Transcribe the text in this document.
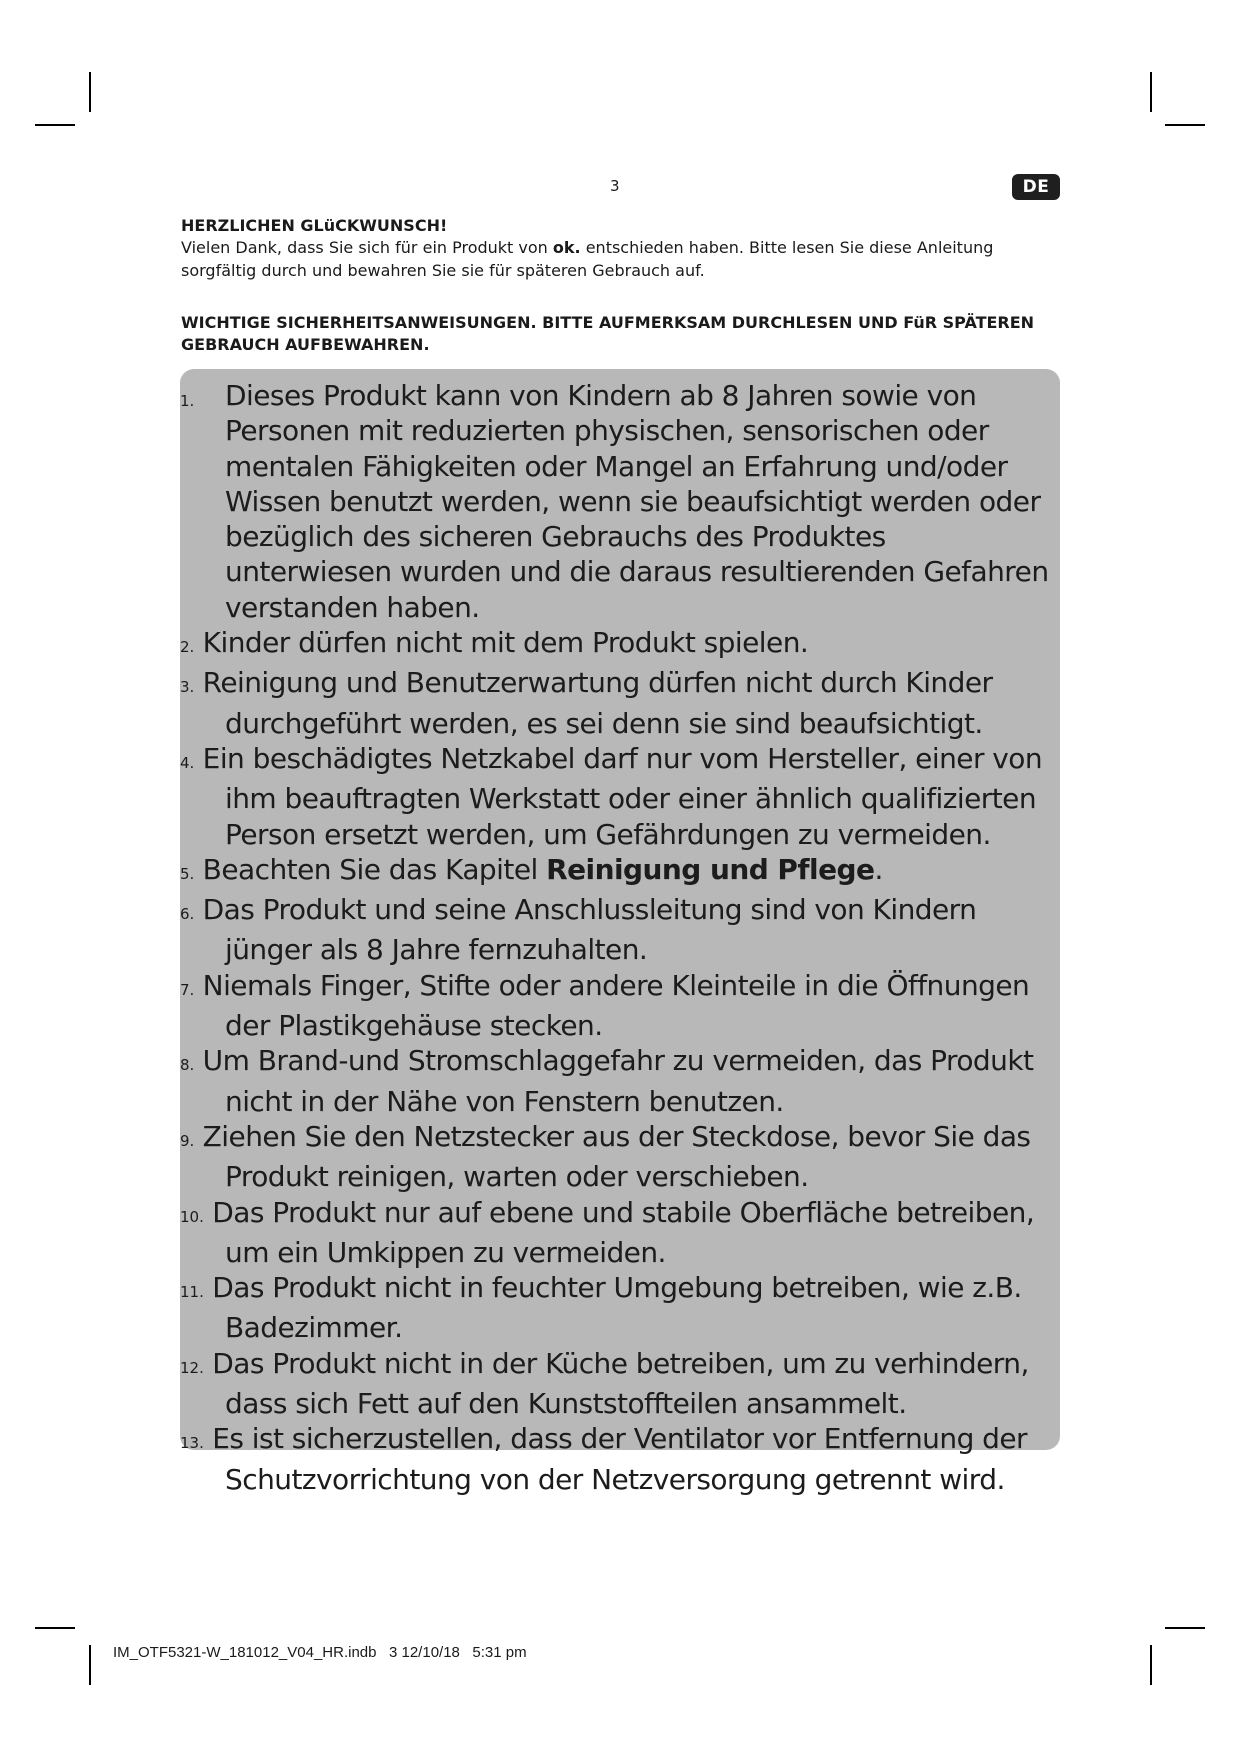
3	DE
HERZLICHEN GLüCKWUNSCH!
Vielen Dank, dass Sie sich für ein Produkt von ok. entschieden haben. Bitte lesen Sie diese Anleitung sorgfältig durch und bewahren Sie sie für späteren Gebrauch auf.
WICHTIGE SICHERHEITSANWEISUNGEN. BITTE AUFMERKSAM DURCHLESEN UND FüR SPÄTEREN GEBRAUCH AUFBEWAHREN.

1. Dieses Produkt kann von Kindern ab 8 Jahren sowie von Personen mit reduzierten physischen, sensorischen oder mentalen Fähigkeiten oder Mangel an Erfahrung und/oder Wissen benutzt werden, wenn sie beaufsichtigt werden oder bezüglich des sicheren Gebrauchs des Produktes unterwiesen wurden und die daraus resultierenden Gefahren verstanden haben.

2. Kinder dürfen nicht mit dem Produkt spielen.

3. Reinigung und Benutzerwartung dürfen nicht durch Kinder durchgeführt werden, es sei denn sie sind beaufsichtigt.

4. Ein beschädigtes Netzkabel darf nur vom Hersteller, einer von ihm beauftragten Werkstatt oder einer ähnlich qualifizierten Person ersetzt werden, um Gefährdungen zu vermeiden.

5. Beachten Sie das Kapitel Reinigung und Pflege.

6. Das Produkt und seine Anschlussleitung sind von Kindern jünger als 8 Jahre fernzuhalten.

7. Niemals Finger, Stifte oder andere Kleinteile in die Öffnungen der Plastikgehäuse stecken.

8. Um Brand-und Stromschlaggefahr zu vermeiden, das Produkt nicht in der Nähe von Fenstern benutzen.

9. Ziehen Sie den Netzstecker aus der Steckdose, bevor Sie das Produkt reinigen, warten oder verschieben.

10. Das Produkt nur auf ebene und stabile Oberfläche betreiben, um ein Umkippen zu vermeiden.

11. Das Produkt nicht in feuchter Umgebung betreiben, wie z.B. Badezimmer.

12. Das Produkt nicht in der Küche betreiben, um zu verhindern, dass sich Fett auf den Kunststoffteilen ansammelt.

13. Es ist sicherzustellen, dass der Ventilator vor Entfernung der Schutzvorrichtung von der Netzversorgung getrennt wird.

IM_OTF5321-W_181012_V04_HR.indb   3 12/10/18   5:31 pm
